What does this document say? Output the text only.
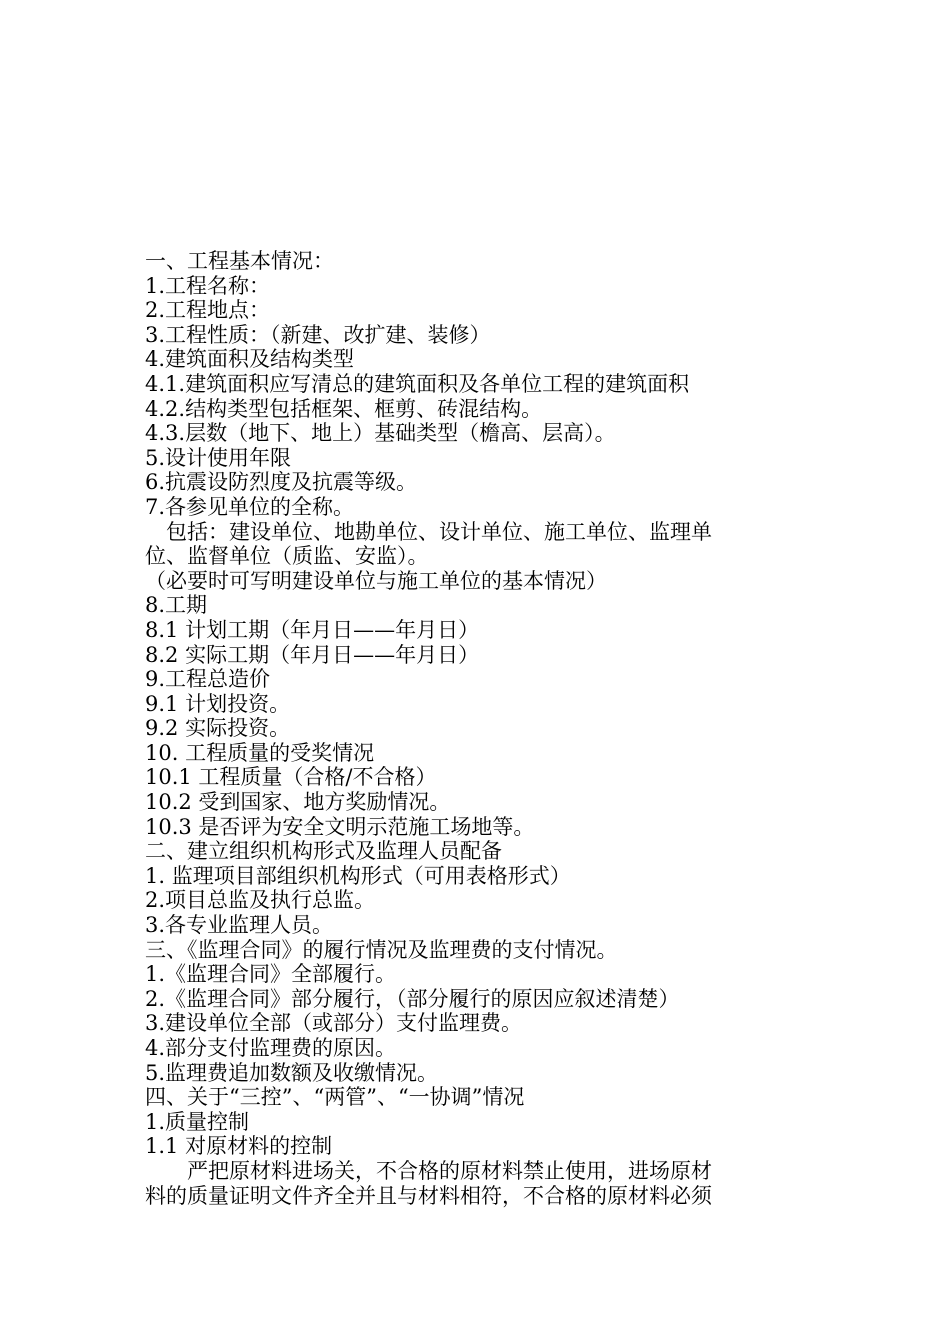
一、工程基本情况：

1.工程名称：

2.工程地点：

3.工程性质：（新建、改扩建、装修）

4.建筑面积及结构类型

4.1.建筑面积应写清总的建筑面积及各单位工程的建筑面积

4.2.结构类型包括框架、框剪、砖混结构。

4.3.层数（地下、地上）基础类型（檐高、层高）。

5.设计使用年限

6.抗震设防烈度及抗震等级。

7.各参见单位的全称。

包括：建设单位、地勘单位、设计单位、施工单位、监理单

位、监督单位（质监、安监）。

（必要时可写明建设单位与施工单位的基本情况）

8.工期

8.1 计划工期（年月日——年月日）

8.2 实际工期（年月日——年月日）

9.工程总造价

9.1 计划投资。

9.2 实际投资。

10. 工程质量的受奖情况

10.1 工程质量（合格/不合格）

10.2 受到国家、地方奖励情况。

10.3 是否评为安全文明示范施工场地等。

二、建立组织机构形式及监理人员配备

1. 监理项目部组织机构形式（可用表格形式）

2.项目总监及执行总监。

3.各专业监理人员。

三、《监理合同》的履行情况及监理费的支付情况。

1.《监理合同》全部履行。

2.《监理合同》部分履行，（部分履行的原因应叙述清楚）

3.建设单位全部（或部分）支付监理费。

4.部分支付监理费的原因。

5.监理费追加数额及收缴情况。

四、关于“三控”、“两管”、“一协调”情况

1.质量控制

1.1 对原材料的控制

严把原材料进场关，不合格的原材料禁止使用，进场原材

料的质量证明文件齐全并且与材料相符，不合格的原材料必须
